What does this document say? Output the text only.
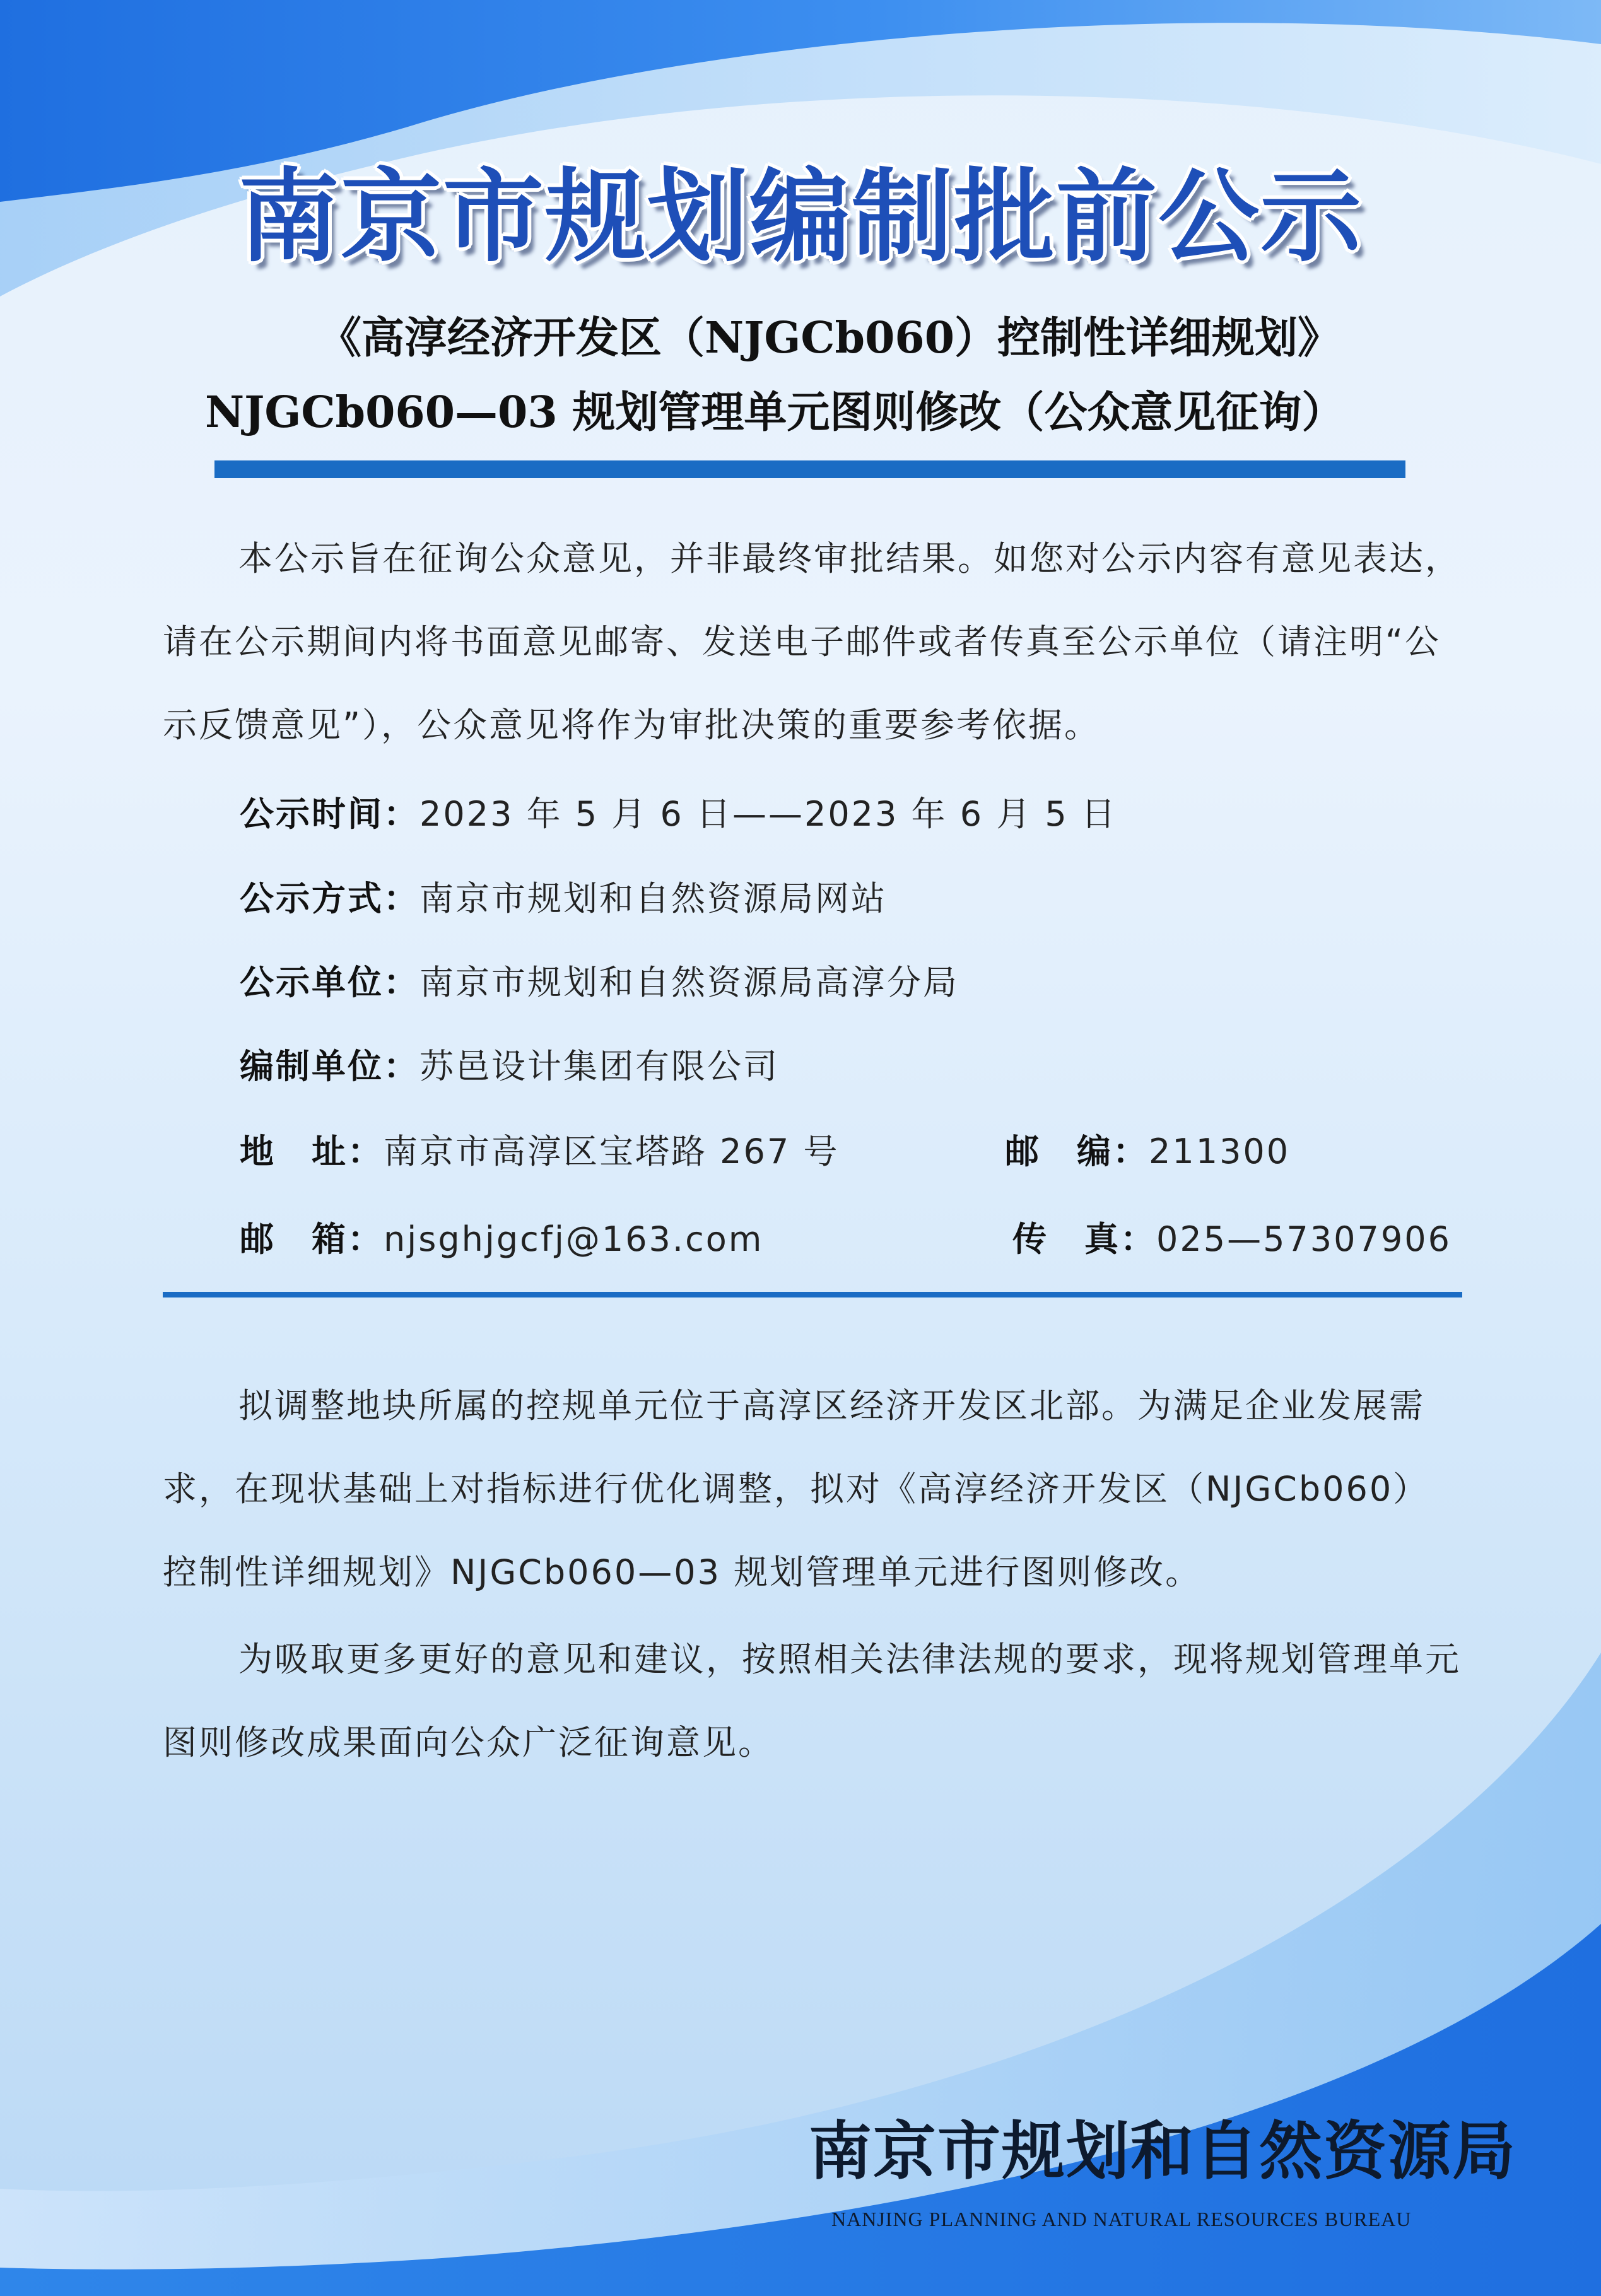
南京市规划编制批前公示
《高淳经济开发区（NJGCb060）控制性详细规划》
NJGCb060—03 规划管理单元图则修改（公众意见征询）
本公示旨在征询公众意见，并非最终审批结果。如您对公示内容有意见表达，请在公示期间内将书面意见邮寄、发送电子邮件或者传真至公示单位（请注明“公示反馈意见”），公众意见将作为审批决策的重要参考依据。
公示时间：2023 年 5 月 6 日——2023 年 6 月 5 日
公示方式：南京市规划和自然资源局网站
公示单位：南京市规划和自然资源局高淳分局
编制单位：苏邑设计集团有限公司
地址：南京市高淳区宝塔路 267 号	邮编：211300
邮箱：njsghjgcfj@163.com	传真：025—57307906
拟调整地块所属的控规单元位于高淳区经济开发区北部。为满足企业发展需求，在现状基础上对指标进行优化调整，拟对《高淳经济开发区（NJGCb060）控制性详细规划》NJGCb060—03 规划管理单元进行图则修改。
为吸取更多更好的意见和建议，按照相关法律法规的要求，现将规划管理单元图则修改成果面向公众广泛征询意见。
南京市规划和自然资源局
NANJING PLANNING AND NATURAL RESOURCES BUREAU
